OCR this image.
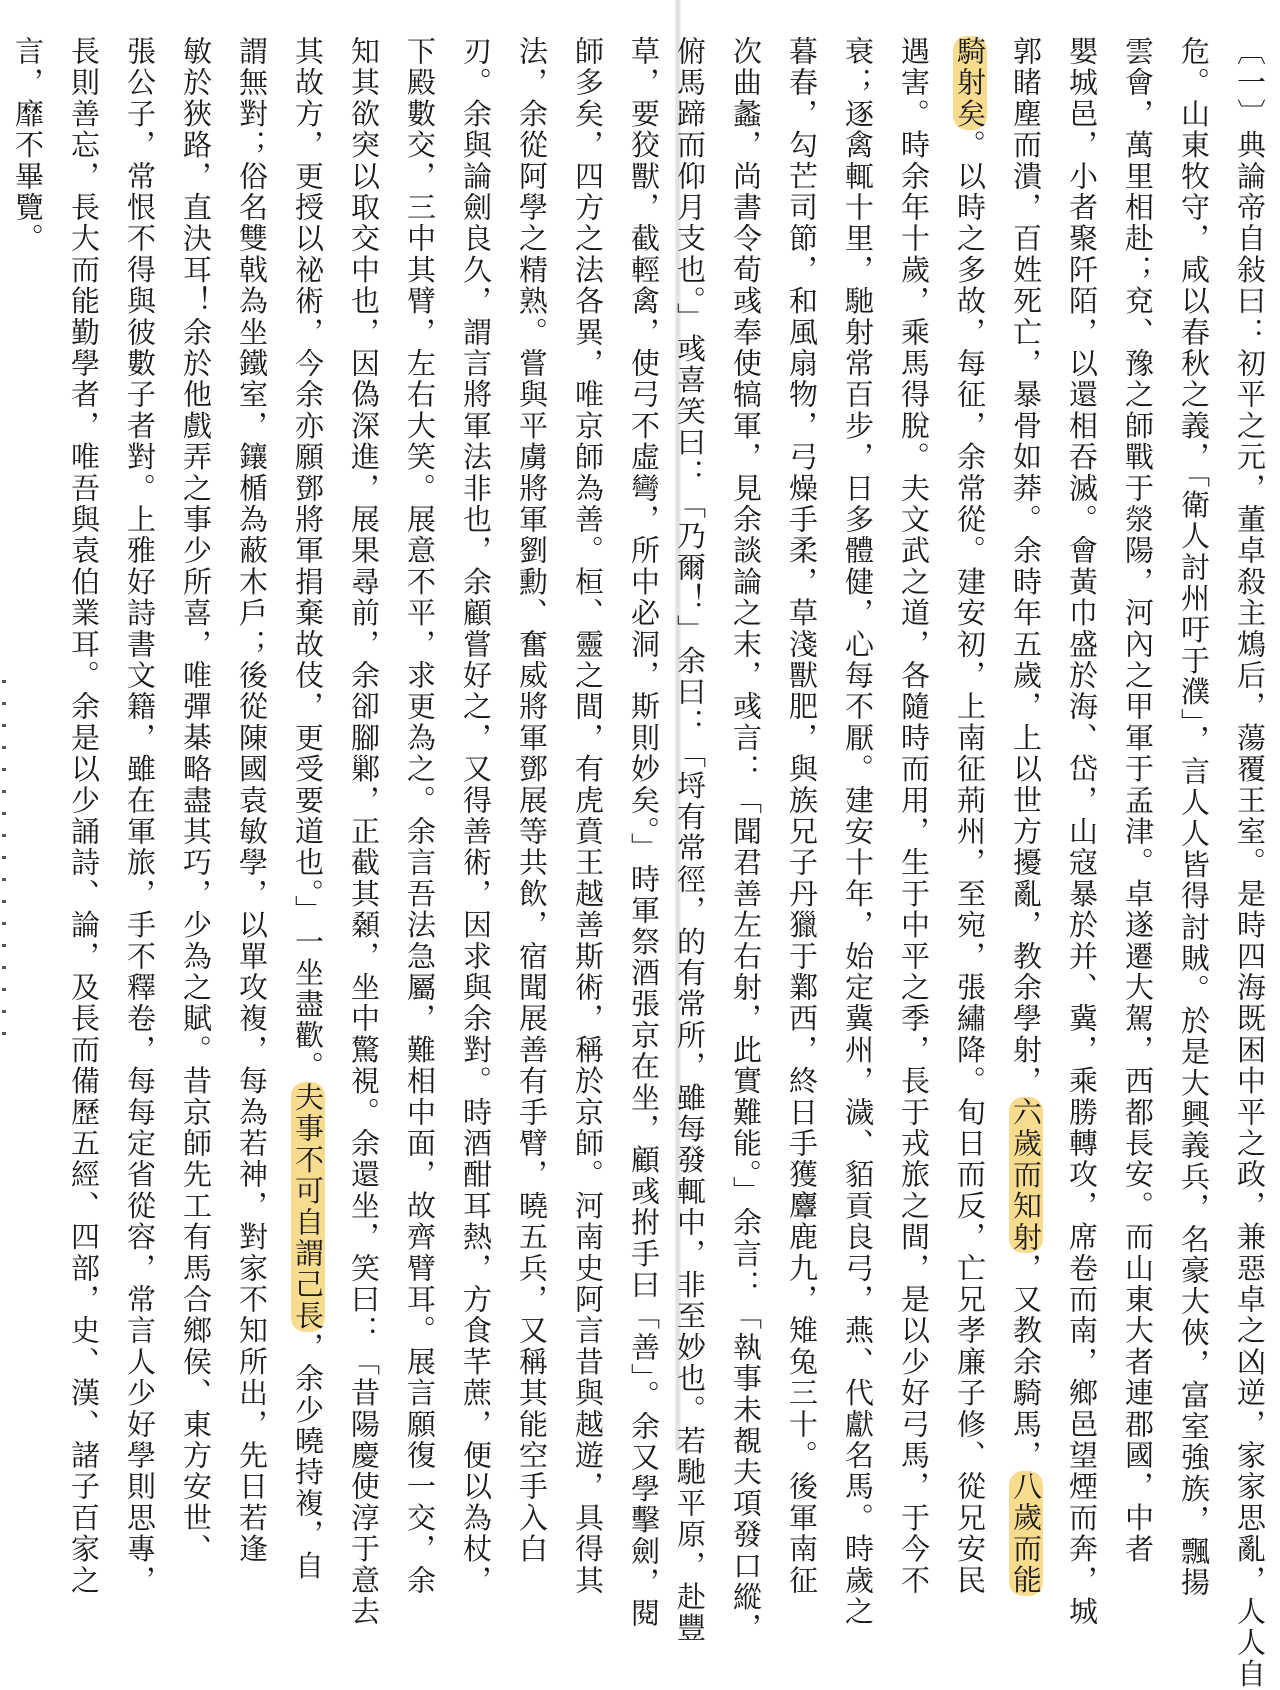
〔一〕典論帝自敍曰：初平之元，董卓殺主鴆后，蕩覆王室。是時四海既困中平之政，兼惡卓之凶逆，家家思亂，人人自
危。山東牧守，咸以春秋之義，「衛人討州吁于濮」，言人人皆得討賊。於是大興義兵，名豪大俠，富室強族，飄揚
雲會，萬里相赴；兗、豫之師戰于滎陽，河內之甲軍于孟津。卓遂遷大駕，西都長安。而山東大者連郡國，中者
嬰城邑，小者聚阡陌，以還相吞滅。會黃巾盛於海、岱，山寇暴於并、冀，乘勝轉攻，席卷而南，鄉邑望煙而奔，城
郭睹塵而潰，百姓死亡，暴骨如莽。余時年五歲，上以世方擾亂，教余學射，六歲而知射，又教余騎馬，八歲而能
騎射矣。以時之多故，每征，余常從。建安初，上南征荊州，至宛，張繡降。旬日而反，亡兄孝廉子修、從兄安民
遇害。時余年十歲，乘馬得脫。夫文武之道，各隨時而用，生于中平之季，長于戎旅之間，是以少好弓馬，于今不
衰；逐禽輒十里，馳射常百步，日多體健，心每不厭。建安十年，始定冀州，濊、貊貢良弓，燕、代獻名馬。時歲之
暮春，勾芒司節，和風扇物，弓燥手柔，草淺獸肥，與族兄子丹獵于鄴西，終日手獲麞鹿九，雉兔三十。後軍南征
次曲蠡，尚書令荀彧奉使犒軍，見余談論之末，彧言：「聞君善左右射，此實難能。」余言：「執事未覩夫項發口縱，
俯馬蹄而仰月支也。」彧喜笑曰：「乃爾！」余曰：「埒有常徑，的有常所，雖每發輒中，非至妙也。若馳平原，赴豐
草，要狡獸，截輕禽，使弓不虛彎，所中必洞，斯則妙矣。」時軍祭酒張京在坐，顧彧拊手曰「善」。余又學擊劍，閱
師多矣，四方之法各異，唯京師為善。桓、靈之間，有虎賁王越善斯術，稱於京師。河南史阿言昔與越遊，具得其
法，余從阿學之精熟。嘗與平虜將軍劉勳、奮威將軍鄧展等共飲，宿聞展善有手臂，曉五兵，又稱其能空手入白
刃。余與論劍良久，謂言將軍法非也，余顧嘗好之，又得善術，因求與余對。時酒酣耳熱，方食芊蔗，便以為杖，
下殿數交，三中其臂，左右大笑。展意不平，求更為之。余言吾法急屬，難相中面，故齊臂耳。展言願復一交，余
知其欲突以取交中也，因偽深進，展果尋前，余卻腳鄛，正截其顙，坐中驚視。余還坐，笑曰：「昔陽慶使淳于意去
其故方，更授以祕術，今余亦願鄧將軍捐棄故伎，更受要道也。」一坐盡歡。夫事不可自謂己長，余少曉持複，自
謂無對；俗名雙戟為坐鐵室，鑲楯為蔽木戶；後從陳國袁敏學，以單攻複，每為若神，對家不知所出，先日若逢
敏於狹路，直決耳！余於他戲弄之事少所喜，唯彈棊略盡其巧，少為之賦。昔京師先工有馬合鄉侯、東方安世、
張公子，常恨不得與彼數子者對。上雅好詩書文籍，雖在軍旅，手不釋卷，每每定省從容，常言人少好學則思專，
長則善忘，長大而能勤學者，唯吾與袁伯業耳。余是以少誦詩、論，及長而備歷五經、四部，史、漢、諸子百家之
言，靡不畢覽。
